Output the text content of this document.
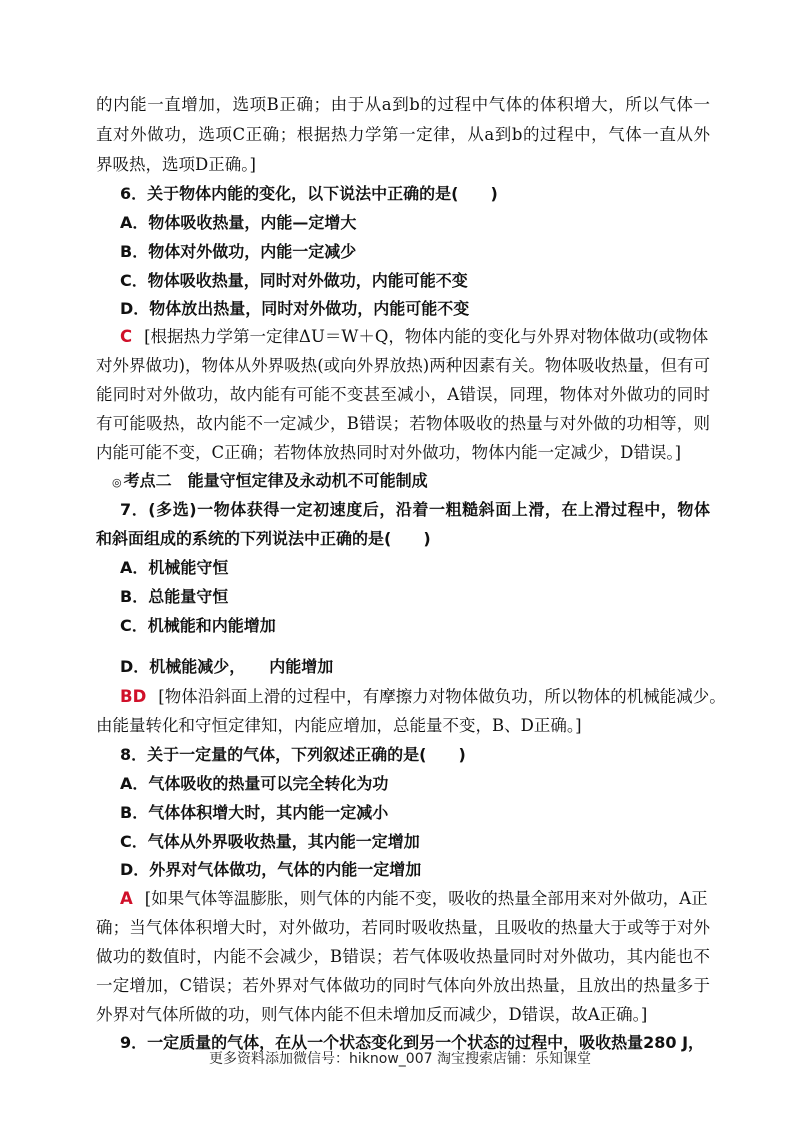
的内能一直增加，选项B正确；由于从a到b的过程中气体的体积增大，所以气体一
直对外做功，选项C正确；根据热力学第一定律，从a到b的过程中，气体一直从外
界吸热，选项D正确。]
6．关于物体内能的变化，以下说法中正确的是(　　)
A．物体吸收热量，内能—定增大
B．物体对外做功，内能一定减少
C．物体吸收热量，同时对外做功，内能可能不变
D．物体放出热量，同时对外做功，内能可能不变
C [根据热力学第一定律ΔU＝W＋Q，物体内能的变化与外界对物体做功(或物体
对外界做功)，物体从外界吸热(或向外界放热)两种因素有关。物体吸收热量，但有可
能同时对外做功，故内能有可能不变甚至减小，A错误，同理，物体对外做功的同时
有可能吸热，故内能不一定减少，B错误；若物体吸收的热量与对外做的功相等，则
内能可能不变，C正确；若物体放热同时对外做功，物体内能一定减少，D错误。]
◎ 考点二　能量守恒定律及永动机不可能制成
7．(多选)一物体获得一定初速度后，沿着一粗糙斜面上滑，在上滑过程中，物体
和斜面组成的系统的下列说法中正确的是(　　)
A．机械能守恒
B．总能量守恒
C．机械能和内能增加
D．机械能减少，　　内能增加
BD [物体沿斜面上滑的过程中，有摩擦力对物体做负功，所以物体的机械能减少。
由能量转化和守恒定律知，内能应增加，总能量不变，B、D正确。]
8．关于一定量的气体，下列叙述正确的是(　　)
A．气体吸收的热量可以完全转化为功
B．气体体积增大时，其内能一定减小
C．气体从外界吸收热量，其内能一定增加
D．外界对气体做功，气体的内能一定增加
A [如果气体等温膨胀，则气体的内能不变，吸收的热量全部用来对外做功，A正
确；当气体体积增大时，对外做功，若同时吸收热量，且吸收的热量大于或等于对外
做功的数值时，内能不会减少，B错误；若气体吸收热量同时对外做功，其内能也不
一定增加，C错误；若外界对气体做功的同时气体向外放出热量，且放出的热量多于
外界对气体所做的功，则气体内能不但未增加反而减少，D错误，故A正确。]
9．一定质量的气体，在从一个状态变化到另一个状态的过程中，吸收热量280 J，
更多资料添加微信号：hiknow_007 淘宝搜索店铺：乐知课堂
